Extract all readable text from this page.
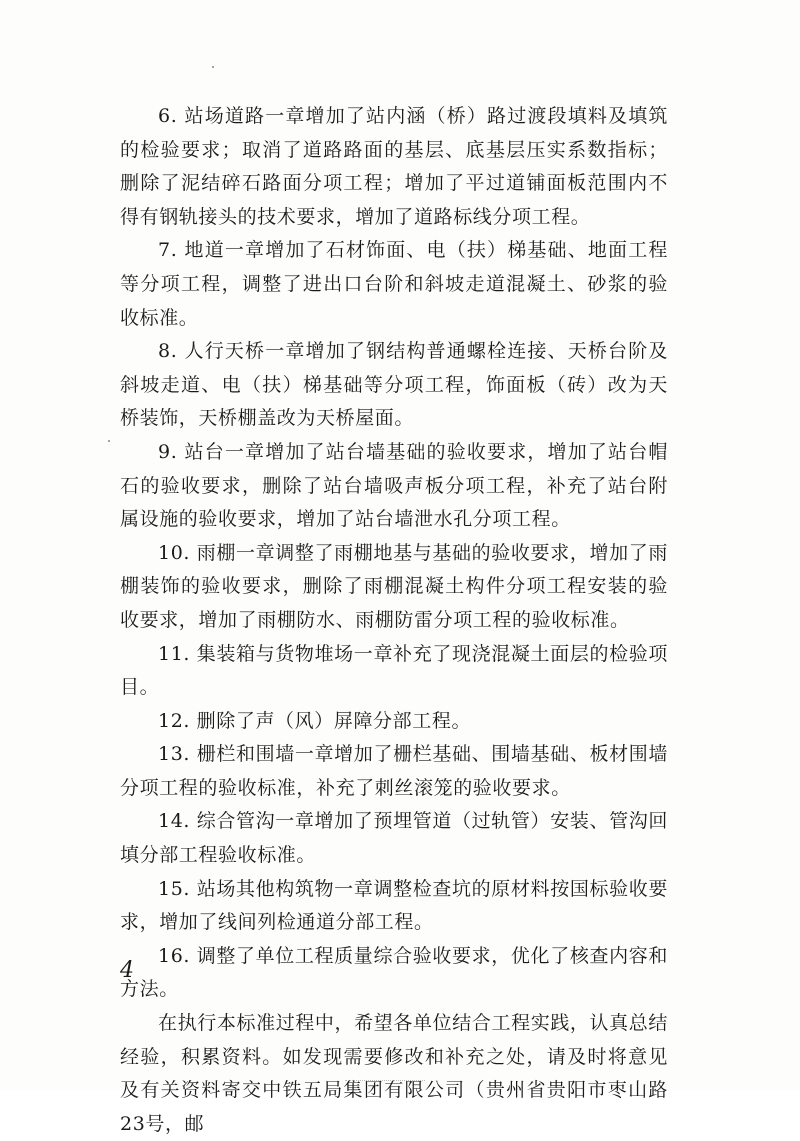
6. 站场道路一章增加了站内涵（桥）路过渡段填料及填筑的检验要求；取消了道路路面的基层、底基层压实系数指标；删除了泥结碎石路面分项工程；增加了平过道铺面板范围内不得有钢轨接头的技术要求，增加了道路标线分项工程。

7. 地道一章增加了石材饰面、电（扶）梯基础、地面工程等分项工程，调整了进出口台阶和斜坡走道混凝土、砂浆的验收标准。

8. 人行天桥一章增加了钢结构普通螺栓连接、天桥台阶及斜坡走道、电（扶）梯基础等分项工程，饰面板（砖）改为天桥装饰，天桥棚盖改为天桥屋面。

9. 站台一章增加了站台墙基础的验收要求，增加了站台帽石的验收要求，删除了站台墙吸声板分项工程，补充了站台附属设施的验收要求，增加了站台墙泄水孔分项工程。

10. 雨棚一章调整了雨棚地基与基础的验收要求，增加了雨棚装饰的验收要求，删除了雨棚混凝土构件分项工程安装的验收要求，增加了雨棚防水、雨棚防雷分项工程的验收标准。

11. 集装箱与货物堆场一章补充了现浇混凝土面层的检验项目。

12. 删除了声（风）屏障分部工程。

13. 栅栏和围墙一章增加了栅栏基础、围墙基础、板材围墙分项工程的验收标准，补充了刺丝滚笼的验收要求。

14. 综合管沟一章增加了预埋管道（过轨管）安装、管沟回填分部工程验收标准。

15. 站场其他构筑物一章调整检查坑的原材料按国标验收要求，增加了线间列检通道分部工程。

16. 调整了单位工程质量综合验收要求，优化了核查内容和方法。

在执行本标准过程中，希望各单位结合工程实践，认真总结经验，积累资料。如发现需要修改和补充之处，请及时将意见及有关资料寄交中铁五局集团有限公司（贵州省贵阳市枣山路23号，邮

4
